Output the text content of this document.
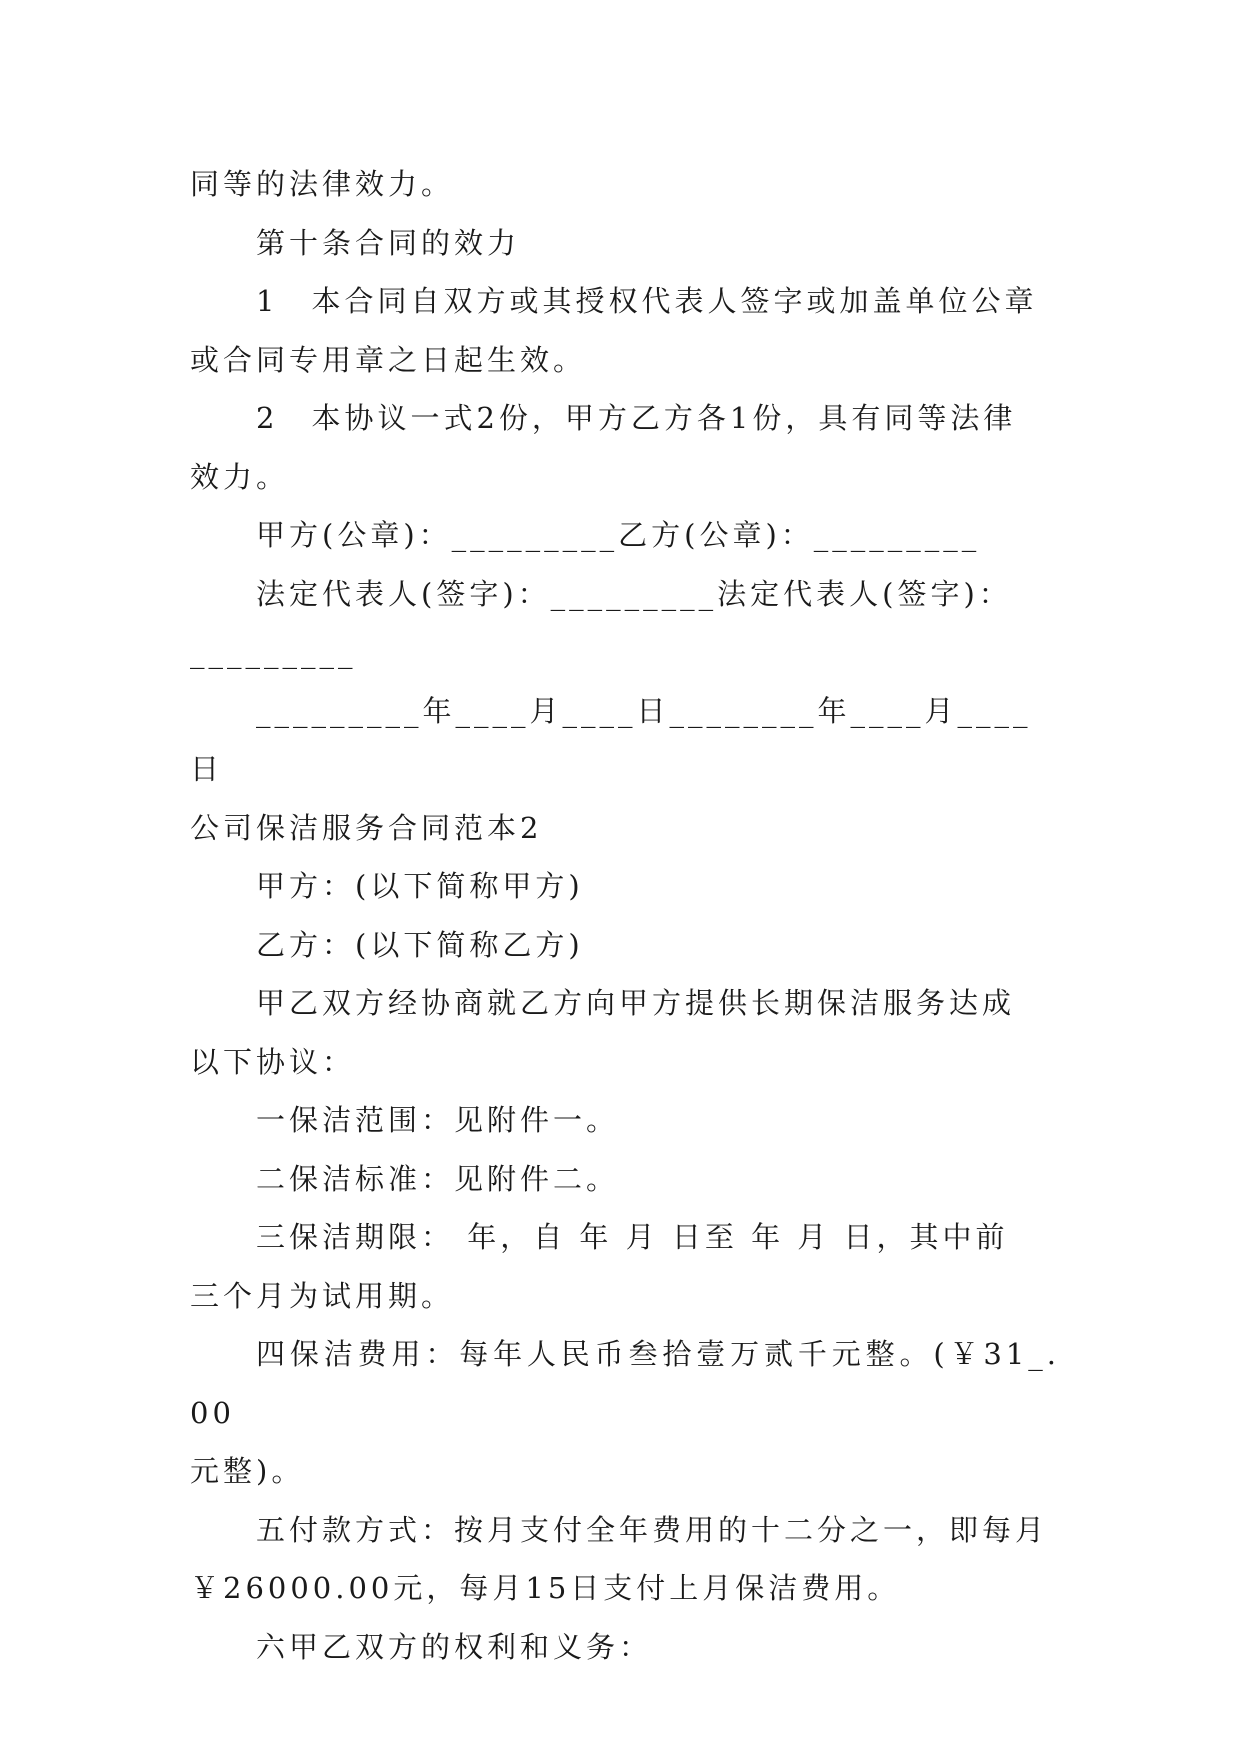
同等的法律效力。

第十条合同的效力

1　本合同自双方或其授权代表人签字或加盖单位公章

或合同专用章之日起生效。

2　本协议一式2份，甲方乙方各1份，具有同等法律

效力。

甲方(公章)：_________乙方(公章)：_________

法定代表人(签字)：_________法定代表人(签字)：

_________

_________年____月____日________年____月____日

公司保洁服务合同范本2

甲方：(以下简称甲方)

乙方：(以下简称乙方)

甲乙双方经协商就乙方向甲方提供长期保洁服务达成

以下协议：

一保洁范围：见附件一。

二保洁标准：见附件二。

三保洁期限： 年，自 年 月 日至 年 月 日，其中前

三个月为试用期。

四保洁费用：每年人民币叁拾壹万贰千元整。(￥31_.00

元整)。

五付款方式：按月支付全年费用的十二分之一，即每月

￥26000.00元，每月15日支付上月保洁费用。

六甲乙双方的权利和义务：
